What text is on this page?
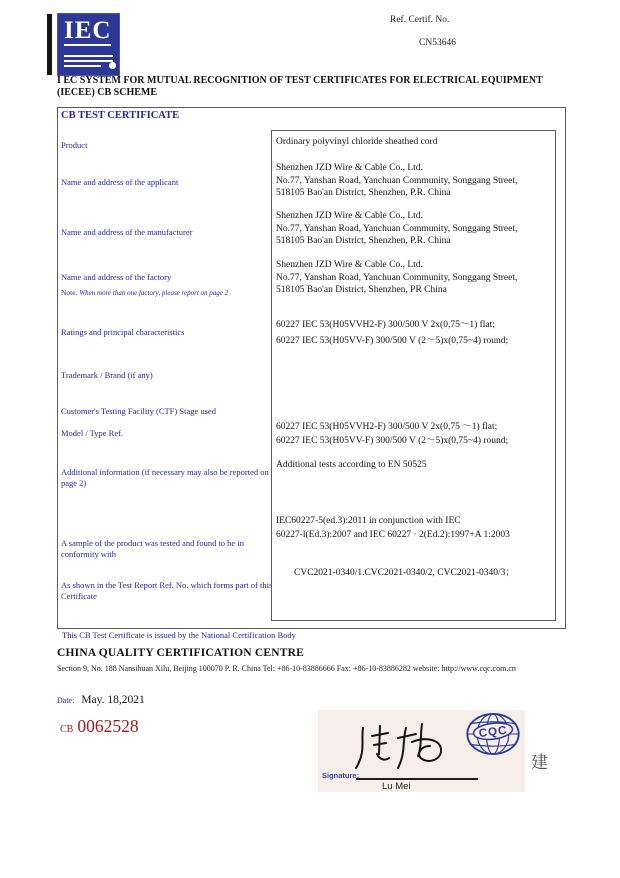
IEC	Ref. Certif. No.
CN53646
I EC SYSTEM FOR MUTUAL RECOGNITION OF TEST CERTIFICATES FOR ELECTRICAL EQUIPMENT
(IECEE) CB SCHEME
CB TEST CERTIFICATE
Product
Name and address of the applicant
Name and address of the manufacturer
Name and address of the factory
Note. When more than one factory, please report on page 2
Ratings and principal characteristics
Trademark / Brand (if any)
Customer's Testing Facility (CTF) Stage used
Model / Type Ref.
Additional information (if necessary may also be reported on page 2)
A sample of the product was tested and found to be in conformity with
As shown in the Test Report Ref. No. which forms part of this Certificate
Ordinary polyvinyl chloride sheathed cord
Shenzhen JZD Wire & Cable Co., Ltd.
No.77, Yanshan Road, Yanchuan Community, Songgang Street,
518105 Bao'an District, Shenzhen, P.R. China
Shenzhen JZD Wire & Cable Co., Ltd.
No.77, Yanshan Road, Yanchuan Community, Songgang Street,
518105 Bao'an District, Shenzhen, P.R. China
Shenzhen JZD Wire & Cable Co., Ltd.
No.77, Yanshan Road, Yanchuan Community, Songgang Street,
518105 Bao'an District, Shenzhen, PR China
60227 IEC 53(H05VVH2-F) 300/500 V 2x(0,75〜1) flat;
60227 IEC 53(H05VV-F) 300/500 V (2〜5)x(0,75~4) round;
60227 IEC 53(H05VVH2-F) 300/500 V 2x(0,75 〜1) flat;
60227 IEC 53(H05VV-F) 300/500 V (2〜5)x(0,75~4) round;
Additional tests according to EN 50525
IEC60227-5(ed.3):2011 in conjunction with IEC
60227-l(Ed.3):2007 and IEC 60227 · 2(Ed.2):1997+A 1:2003
CVC2021-0340/1.CVC2021-0340/2, CVC2021-0340/3；
This CB Test Certificate is issued by the National Certification Body
CHINA QUALITY CERTIFICATION CENTRE
Section 9, No. 188 Nansihuan Xilu, Beijing 100070 P. R. China Tel: +86-10-83886666 Fax: +86-10-83886282 website: http://www.cqc.com.cn
Date: May. 18,2021
CB 0062528	CQC
Signature:
Lu Mei
建
